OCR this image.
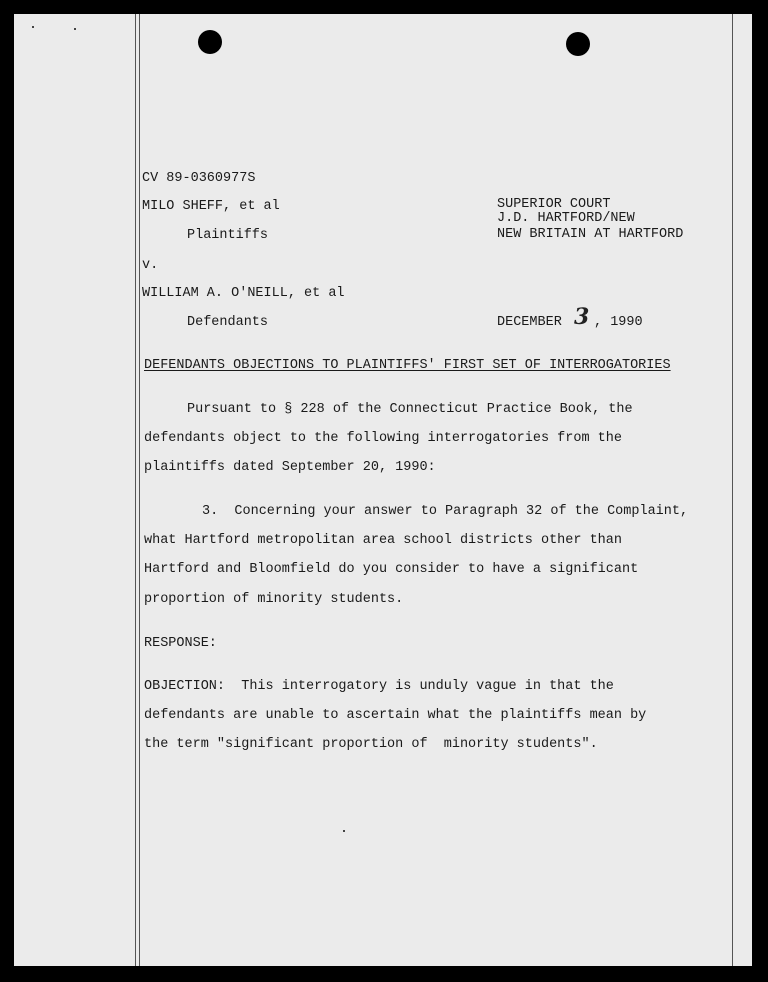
CV 89-0360977S
MILO SHEFF, et al
Plaintiffs
v.
WILLIAM A. O'NEILL, et al
Defendants
SUPERIOR COURT
J.D. HARTFORD/NEW
NEW BRITAIN AT HARTFORD
DECEMBER 3 , 1990
DEFENDANTS OBJECTIONS TO PLAINTIFFS' FIRST SET OF INTERROGATORIES
Pursuant to § 228 of the Connecticut Practice Book, the
defendants object to the following interrogatories from the
plaintiffs dated September 20, 1990:
3.  Concerning your answer to Paragraph 32 of the Complaint,
what Hartford metropolitan area school districts other than
Hartford and Bloomfield do you consider to have a significant
proportion of minority students.
RESPONSE:
OBJECTION:  This interrogatory is unduly vague in that the
defendants are unable to ascertain what the plaintiffs mean by
the term "significant proportion of  minority students".
